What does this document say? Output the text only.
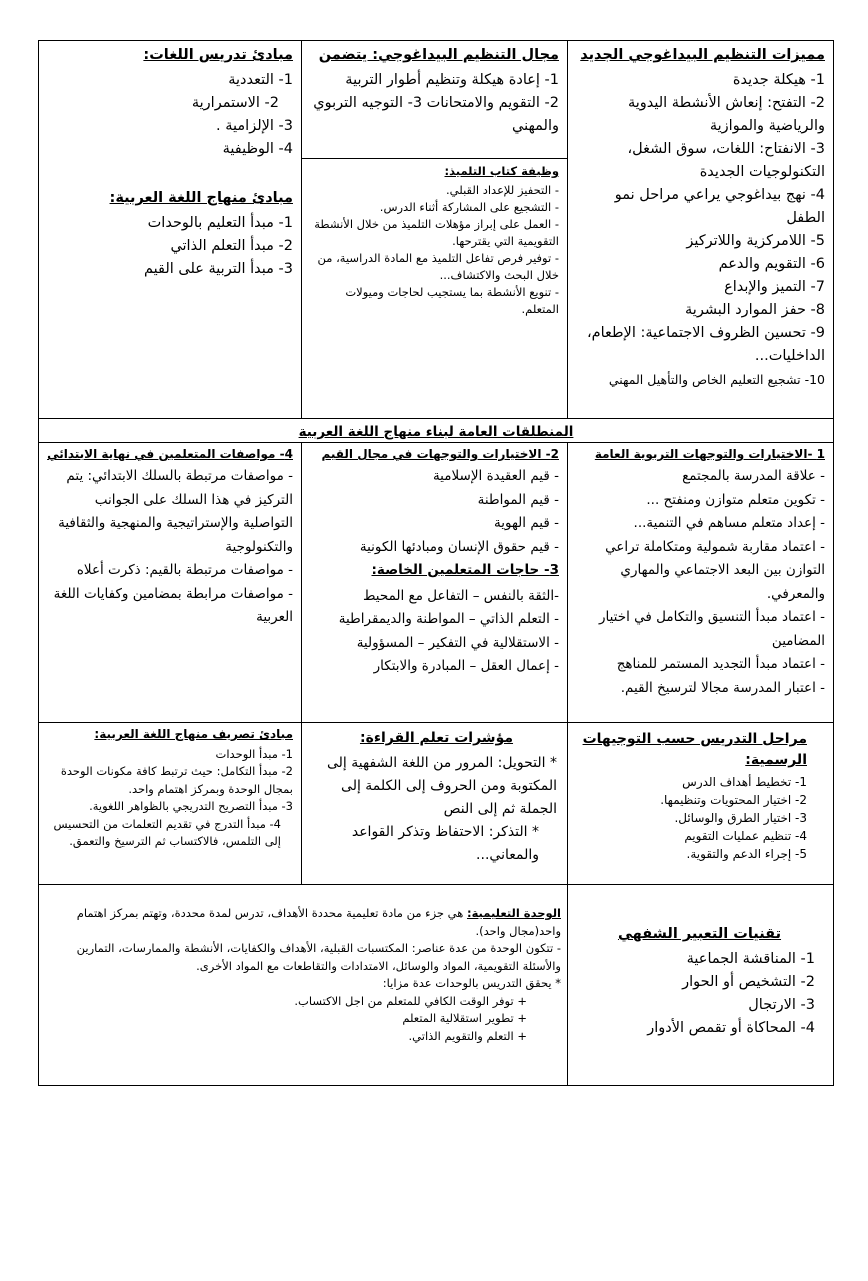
مميزات التنظيم البيداغوجي الجديد

1- هيكلة جديدة
2- التفتح: إنعاش الأنشطة اليدوية والرياضية والموازية
3- الانفتاح: اللغات، سوق الشغل، التكنولوجيات الجديدة
4- نهج بيداغوجي يراعي مراحل نمو الطفل
5- اللامركزية واللاتركيز
6- التقويم والدعم
7- التميز والإبداع
8- حفز الموارد البشرية
9- تحسين الظروف الاجتماعية: الإطعام، الداخليات...
10- تشجيع التعليم الخاص والتأهيل المهني

مجال التنظيم البيداغوجي: يتضمن

1- إعادة هيكلة وتنظيم أطوار التربية
2- التقويم والامتحانات 3- التوجيه التربوي والمهني

وظيفة كتاب التلميذ:

- التحفيز للإعداد القبلي.
- التشجيع على المشاركة أثناء الدرس.
- العمل على إبراز مؤهلات التلميذ من خلال الأنشطة التقويمية التي يقترحها.
- توفير فرص تفاعل التلميذ مع المادة الدراسية، من خلال البحث والاكتشاف...
- تنويع الأنشطة بما يستجيب لحاجات وميولات المتعلم.

مبادئ تدريس اللغات:

1- التعددية
2- الاستمرارية
3- الإلزامية .
4- الوظيفية

مبادئ منهاج اللغة العربية:

1- مبدأ التعليم بالوحدات
2- مبدأ التعلم الذاتي
3- مبدأ التربية على القيم
المنطلقات العامة لبناء منهاج اللغة العربية

1 -الاختيارات والتوجهات التربوية العامة

- علاقة المدرسة بالمجتمع
- تكوين متعلم متوازن ومنفتح ...
- إعداد متعلم مساهم في التنمية...
- اعتماد مقاربة شمولية ومتكاملة تراعي التوازن بين البعد الاجتماعي والمهاري والمعرفي.
- اعتماد مبدأ التنسيق والتكامل في اختيار المضامين
- اعتماد مبدأ التجديد المستمر للمناهج
- اعتبار المدرسة مجالا لترسيخ القيم.

2- الاختيارات والتوجهات في مجال القيم

- قيم العقيدة الإسلامية
- قيم المواطنة
- قيم الهوية
- قيم حقوق الإنسان ومبادئها الكونية

3- حاجات المتعلمين الخاصة:

-الثقة بالنفس – التفاعل مع المحيط
- التعلم الذاتي – المواطنة والديمقراطية
- الاستقلالية في التفكير – المسؤولية
- إعمال العقل – المبادرة والابتكار

4- مواصفات المتعلمين في نهاية الابتدائي

- مواصفات مرتبطة بالسلك الابتدائي: يتم التركيز في هذا السلك على الجوانب التواصلية والإستراتيجية والمنهجية والثقافية والتكنولوجية
- مواصفات مرتبطة بالقيم: ذكرت أعلاه
- مواصفات مرابطة بمضامين وكفايات اللغة العربية

مراحل التدريس حسب التوجيهات الرسمية:

1- تخطيط أهداف الدرس
2- اختيار المحتويات وتنظيمها.
3- اختيار الطرق والوسائل.
4- تنظيم عمليات التقويم
5- إجراء الدعم والتقوية.

مؤشرات تعلم القراءة:

* التحويل: المرور من اللغة الشفهية إلى المكتوبة ومن الحروف إلى الكلمة إلى الجملة ثم إلى النص
* التذكر: الاحتفاظ وتذكر القواعد والمعاني...

مبادئ تصريف منهاج اللغة العربية:

1- مبدأ الوحدات
2- مبدأ التكامل: حيث ترتبط كافة مكونات الوحدة بمجال الوحدة وبمركز اهتمام واحد.
3- مبدأ التصريح التدريجي بالظواهر اللغوية.
4- مبدأ التدرج في تقديم التعلمات من التحسيس إلى التلمس، فالاكتساب ثم الترسيخ والتعمق.

تقنيات التعبير الشفهي

1- المناقشة الجماعية
2- التشخيص أو الحوار
3- الارتجال
4- المحاكاة أو تقمص الأدوار

الوحدة التعليمية: هي جزء من مادة تعليمية محددة الأهداف، تدرس لمدة محددة، وتهتم بمركز اهتمام واحد(مجال واحد).

- تتكون الوحدة من عدة عناصر: المكتسبات القبلية، الأهداف والكفايات، الأنشطة والممارسات، التمارين والأسئلة التقويمية، المواد والوسائل، الامتدادات والتقاطعات مع المواد الأخرى.

* يحقق التدريس بالوحدات عدة مزايا:

+ توفر الوقت الكافي للمتعلم من اجل الاكتساب.
+ تطوير استقلالية المتعلم
+ التعلم والتقويم الذاتي.
